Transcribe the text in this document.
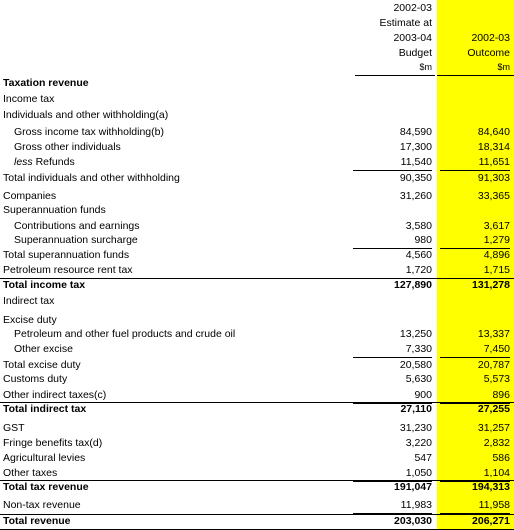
2002-03
Estimate at
2003-04
Budget
$m
2002-03
Outcome
$m
Taxation revenue
Income tax
Individuals and other withholding(a)
Gross income tax withholding(b)	84,590	84,640
Gross other individuals	17,300	18,314
less Refunds	11,540	11,651
Total individuals and other withholding	90,350	91,303
Companies	31,260	33,365
Superannuation funds
Contributions and earnings	3,580	3,617
Superannuation surcharge	980	1,279
Total superannuation funds	4,560	4,896
Petroleum resource rent tax	1,720	1,715
Total income tax	127,890	131,278
Indirect tax
Excise duty
Petroleum and other fuel products and crude oil	13,250	13,337
Other excise	7,330	7,450
Total excise duty	20,580	20,787
Customs duty	5,630	5,573
Other indirect taxes(c)	900	896
Total indirect tax	27,110	27,255
GST	31,230	31,257
Fringe benefits tax(d)	3,220	2,832
Agricultural levies	547	586
Other taxes	1,050	1,104
Total tax revenue	191,047	194,313
Non-tax revenue	11,983	11,958
Total revenue	203,030	206,271
